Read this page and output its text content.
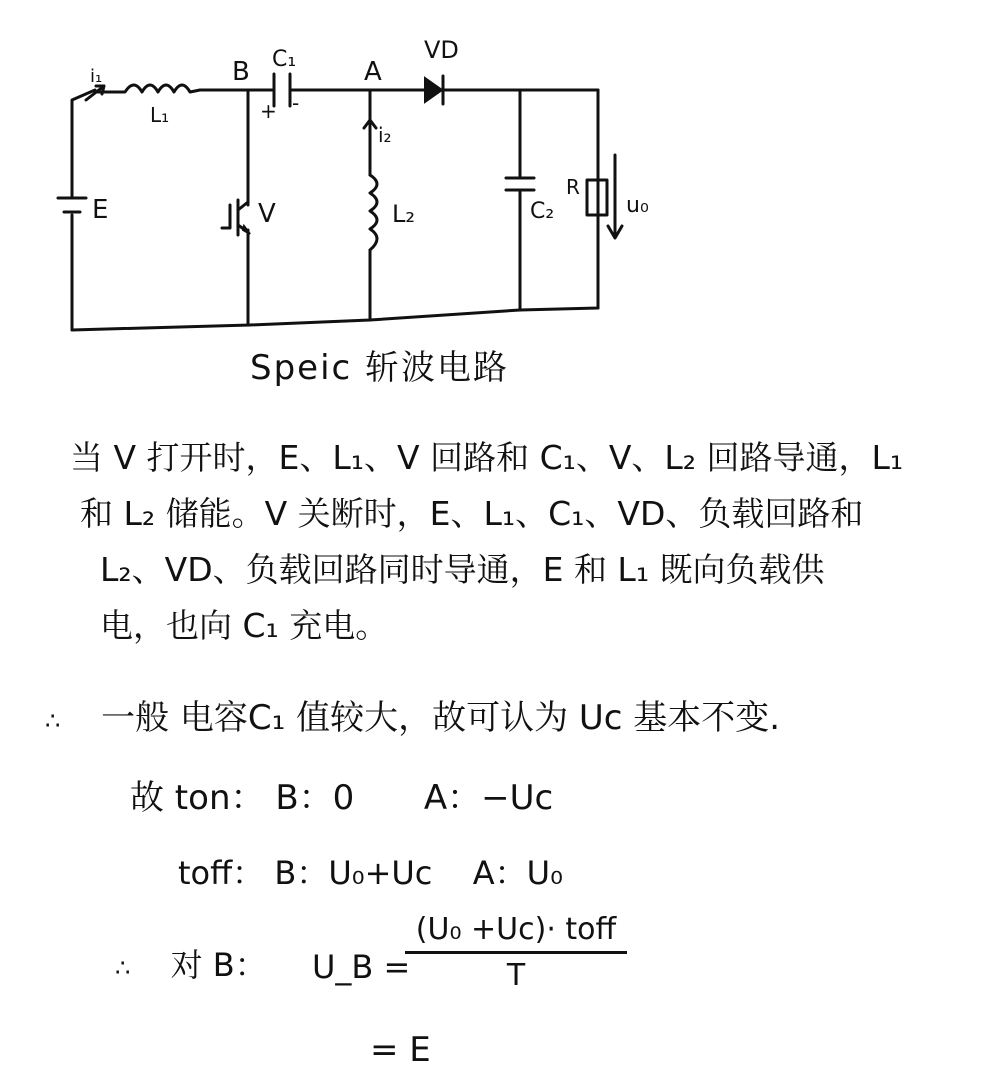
E
L₁
i₁	B C₁
+ -
A
VD
V
i₂
L₂	C₂
R
u₀
Speic 斩波电路

当 V 打开时，E、L₁、V 回路和 C₁、V、L₂ 回路导通，L₁

和 L₂ 储能。V 关断时，E、L₁、C₁、VD、负载回路和

L₂、VD、负载回路同时导通，E 和 L₁ 既向负载供

电，也向 C₁ 充电。

∴ 一般 电容C₁ 值较大，故可认为 Uc 基本不变.
故 ton： B：0 A：−Uc
toff： B：U₀+Uc A：U₀
∴ 对 B： U_B =
(U₀ +Uc)· toff
T
= E
